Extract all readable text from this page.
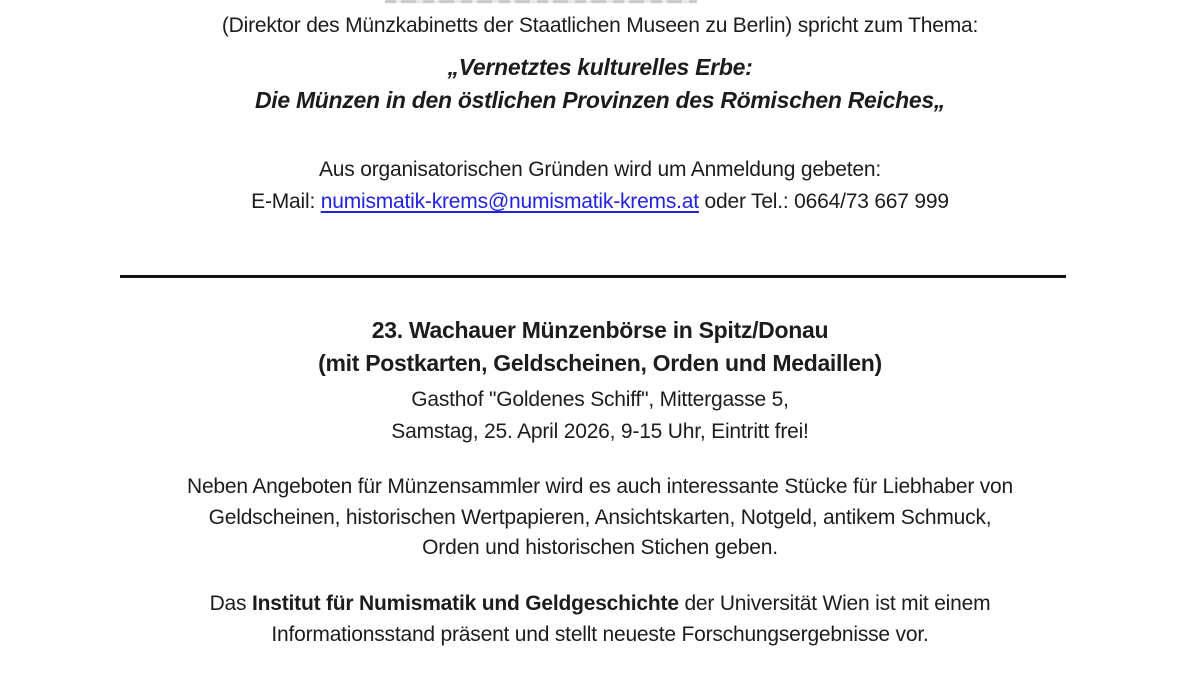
(Direktor des Münzkabinetts der Staatlichen Museen zu Berlin) spricht zum Thema:
„Vernetztes kulturelles Erbe:
Die Münzen in den östlichen Provinzen des Römischen Reiches„
Aus organisatorischen Gründen wird um Anmeldung gebeten:
E-Mail: numismatik-krems@numismatik-krems.at oder Tel.: 0664/73 667 999
23. Wachauer Münzenbörse in Spitz/Donau
(mit Postkarten, Geldscheinen, Orden und Medaillen)
Gasthof "Goldenes Schiff", Mittergasse 5,
Samstag, 25. April 2026, 9-15 Uhr, Eintritt frei!
Neben Angeboten für Münzensammler wird es auch interessante Stücke für Liebhaber von
Geldscheinen, historischen Wertpapieren, Ansichtskarten, Notgeld, antikem Schmuck,
Orden und historischen Stichen geben.
Das Institut für Numismatik und Geldgeschichte der Universität Wien ist mit einem
Informationsstand präsent und stellt neueste Forschungsergebnisse vor.
